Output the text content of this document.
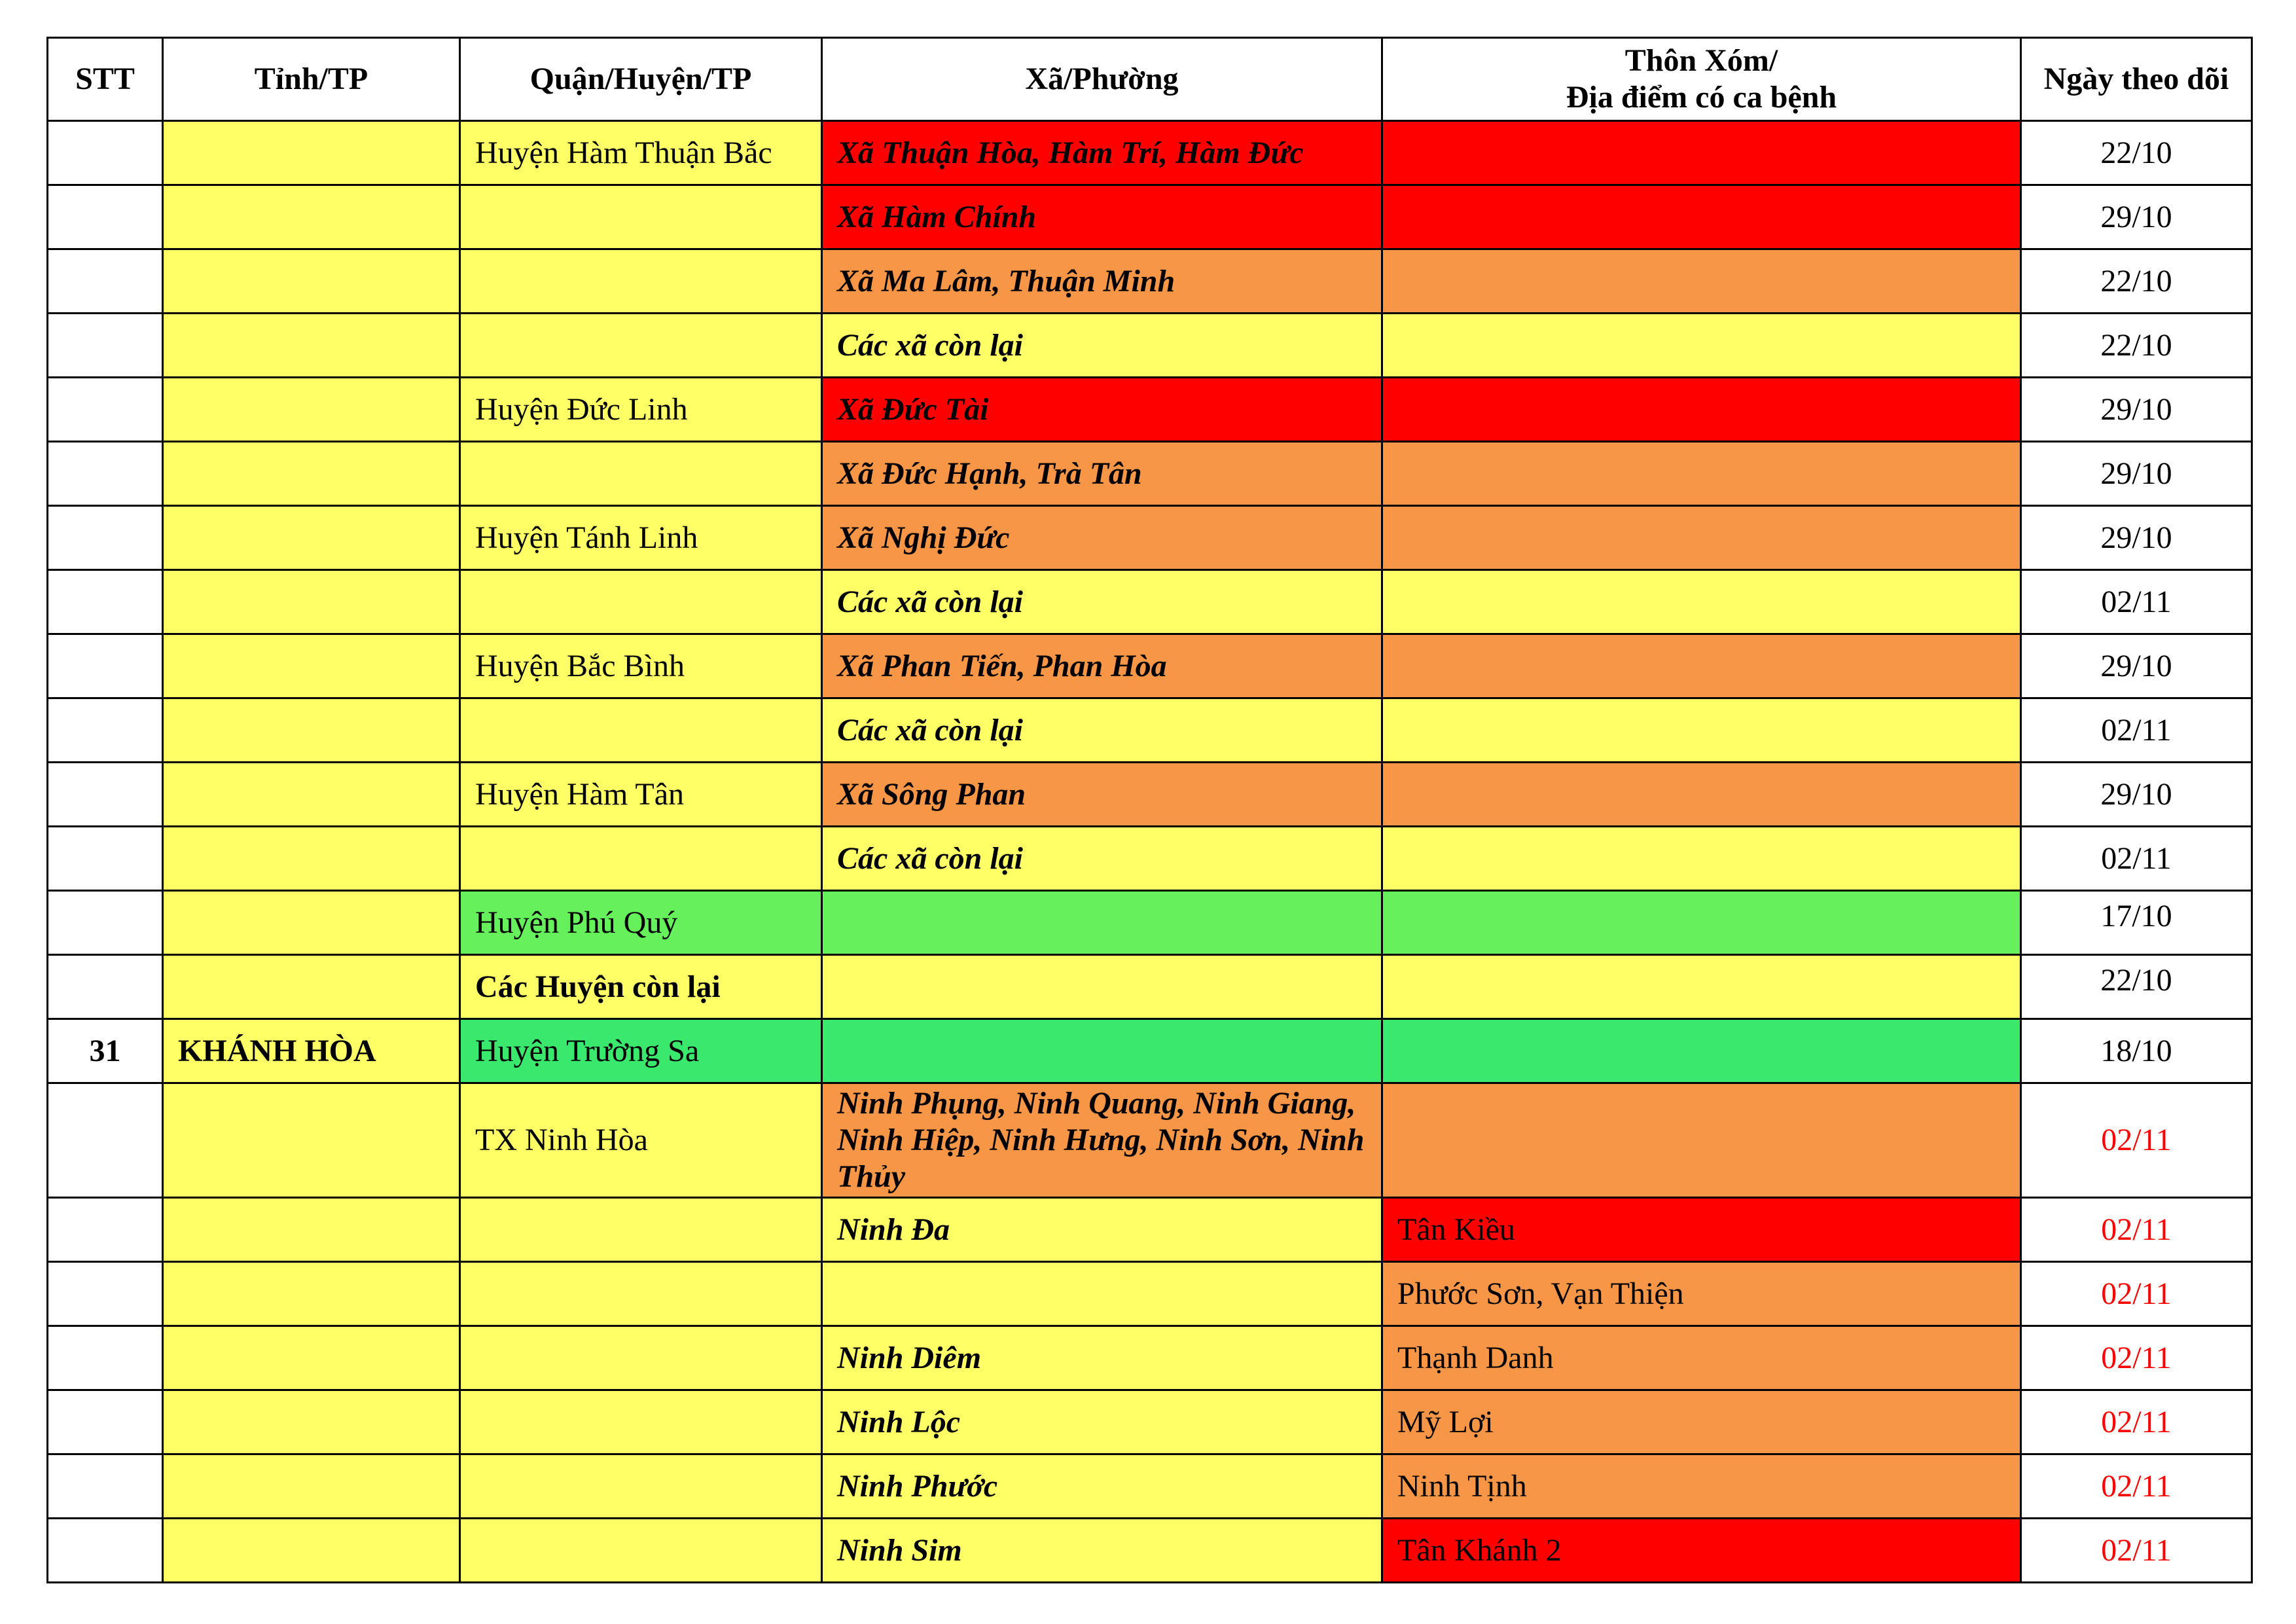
STT	Tỉnh/TP	Quận/Huyện/TP	Xã/Phường	Thôn Xóm/
Địa điểm có ca bệnh	Ngày theo dõi
		Huyện Hàm Thuận Bắc	Xã Thuận Hòa, Hàm Trí, Hàm Đức		22/10
			Xã Hàm Chính		29/10
			Xã Ma Lâm, Thuận Minh		22/10
			Các xã còn lại		22/10
		Huyện Đức Linh	Xã Đức Tài		29/10
			Xã Đức Hạnh, Trà Tân		29/10
		Huyện Tánh Linh	Xã Nghị Đức		29/10
			Các xã còn lại		02/11
		Huyện Bắc Bình	Xã Phan Tiến, Phan Hòa		29/10
			Các xã còn lại		02/11
		Huyện Hàm Tân	Xã Sông Phan		29/10
			Các xã còn lại		02/11
		Huyện Phú Quý			17/10
		Các Huyện còn lại			22/10
31	KHÁNH HÒA	Huyện Trường Sa			18/10
		TX Ninh Hòa	Ninh Phụng, Ninh Quang, Ninh Giang, Ninh Hiệp, Ninh Hưng, Ninh Sơn, Ninh Thủy		02/11
			Ninh Đa	Tân Kiều	02/11
				Phước Sơn, Vạn Thiện	02/11
			Ninh Diêm	Thạnh Danh	02/11
			Ninh Lộc	Mỹ Lợi	02/11
			Ninh Phước	Ninh Tịnh	02/11
			Ninh Sim	Tân Khánh 2	02/11
